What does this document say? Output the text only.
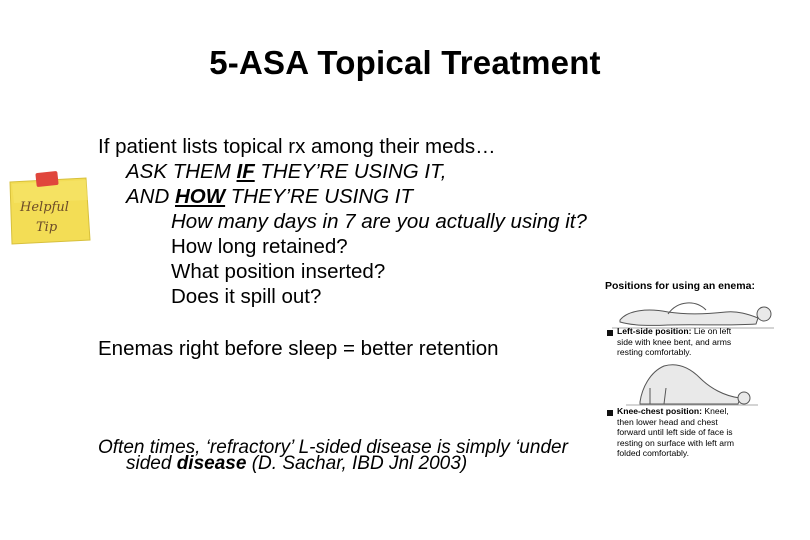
5-ASA Topical Treatment
Helpful
Tip
If patient lists topical rx among their meds…
ASK THEM IF THEY’RE USING IT,
AND HOW THEY’RE USING IT
How many days in 7 are you actually using it?
How long retained?
What position inserted?
Does it spill out?
Enemas right before sleep = better retention
Often times, ‘refractory’ L-sided disease is simply ‘under
sided disease (D. Sachar, IBD Jnl 2003)
Positions for using an enema:
Left-side position: Lie on left
side with knee bent, and arms
resting comfortably.
Knee-chest position: Kneel,
then lower head and chest
forward until left side of face is
resting on surface with left arm
folded comfortably.
